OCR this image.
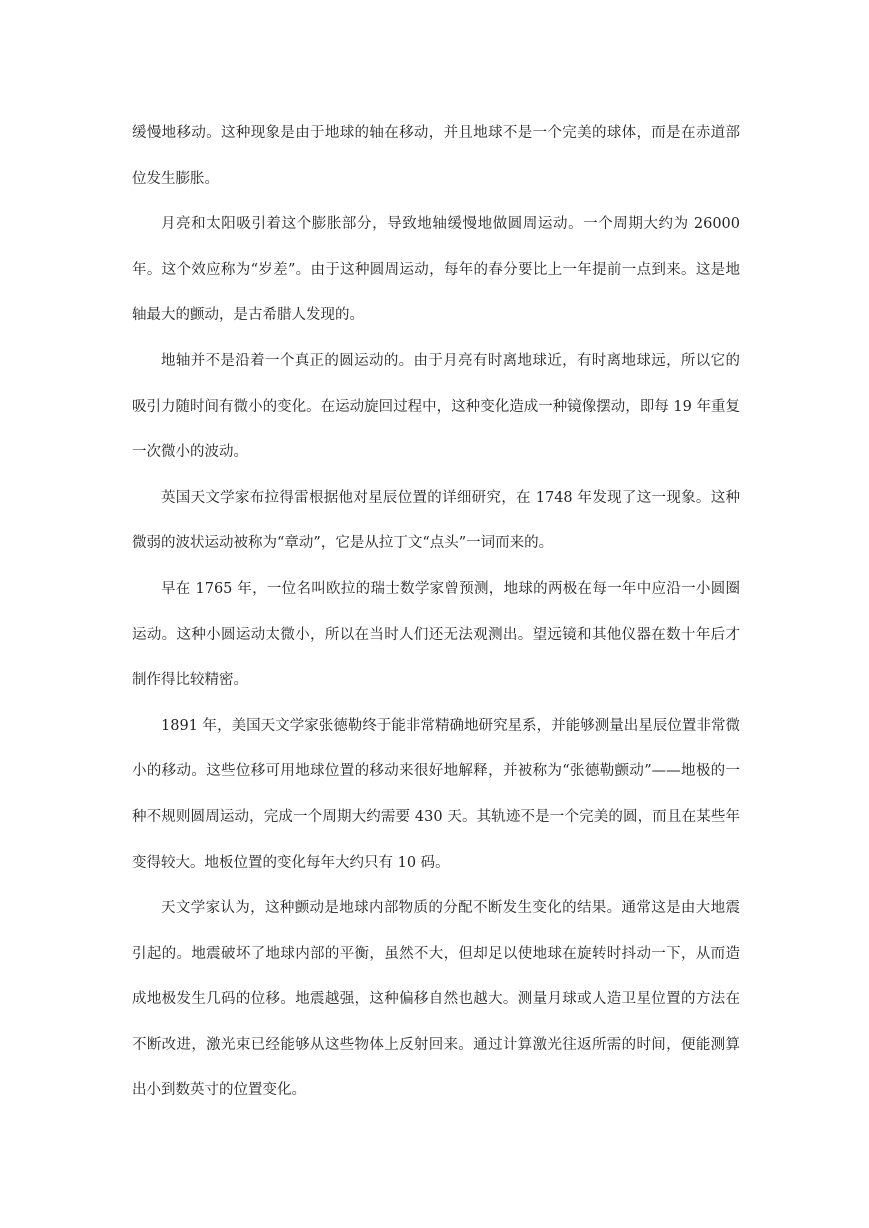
缓慢地移动。这种现象是由于地球的轴在移动，并且地球不是一个完美的球体，而是在赤道部位发生膨胀。

月亮和太阳吸引着这个膨胀部分，导致地轴缓慢地做圆周运动。一个周期大约为 26000 年。这个效应称为“岁差”。由于这种圆周运动，每年的春分要比上一年提前一点到来。这是地轴最大的颤动，是古希腊人发现的。

地轴并不是沿着一个真正的圆运动的。由于月亮有时离地球近，有时离地球远，所以它的吸引力随时间有微小的变化。在运动旋回过程中，这种变化造成一种镜像摆动，即每 19 年重复一次微小的波动。

英国天文学家布拉得雷根据他对星辰位置的详细研究，在 1748 年发现了这一现象。这种微弱的波状运动被称为“章动”，它是从拉丁文“点头”一词而来的。

早在 1765 年，一位名叫欧拉的瑞士数学家曾预测，地球的两极在每一年中应沿一小圆圈运动。这种小圆运动太微小，所以在当时人们还无法观测出。望远镜和其他仪器在数十年后才制作得比较精密。

1891 年，美国天文学家张德勒终于能非常精确地研究星系，并能够测量出星辰位置非常微小的移动。这些位移可用地球位置的移动来很好地解释，并被称为“张德勒颤动”——地极的一种不规则圆周运动，完成一个周期大约需要 430 天。其轨迹不是一个完美的圆，而且在某些年变得较大。地板位置的变化每年大约只有 10 码。

天文学家认为，这种颤动是地球内部物质的分配不断发生变化的结果。通常这是由大地震引起的。地震破坏了地球内部的平衡，虽然不大，但却足以使地球在旋转时抖动一下，从而造成地极发生几码的位移。地震越强，这种偏移自然也越大。测量月球或人造卫星位置的方法在不断改进，激光束已经能够从这些物体上反射回来。通过计算激光往返所需的时间，便能测算出小到数英寸的位置变化。
